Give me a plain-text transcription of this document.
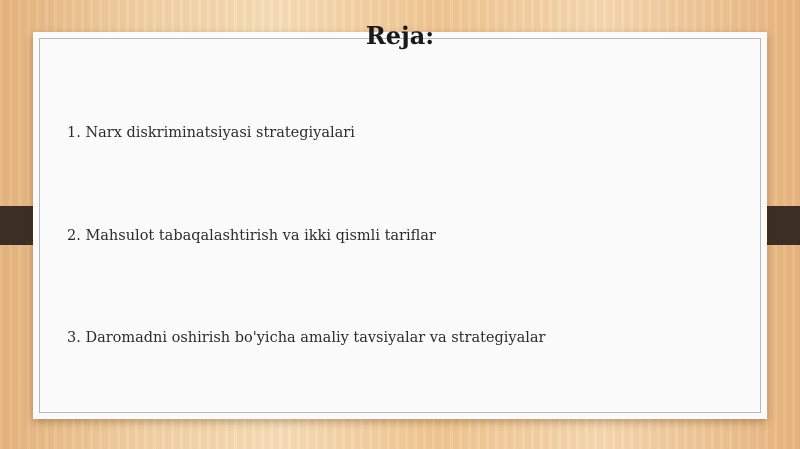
Reja:
1. Narx diskriminatsiyasi strategiyalari
2. Mahsulot tabaqalashtirish va ikki qismli tariflar
3. Daromadni oshirish bo'yicha amaliy tavsiyalar va strategiyalar
